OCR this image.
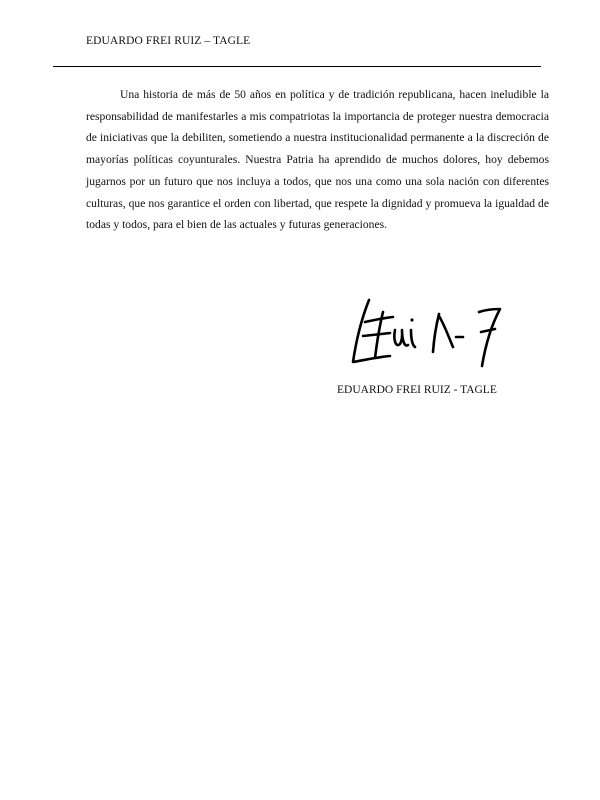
EDUARDO FREI RUIZ – TAGLE

Una historia de más de 50 años en política y de tradición republicana, hacen ineludible la responsabilidad de manifestarles a mis compatriotas la importancia de proteger nuestra democracia de iniciativas que la debiliten, sometiendo a nuestra institucionalidad permanente a la discreción de mayorías políticas coyunturales. Nuestra Patria ha aprendido de muchos dolores, hoy debemos jugarnos por un futuro que nos incluya a todos, que nos una como una sola nación con diferentes culturas, que nos garantice el orden con libertad, que respete la dignidad y promueva la igualdad de todas y todos, para el bien de las actuales y futuras generaciones.

EDUARDO FREI RUIZ - TAGLE
